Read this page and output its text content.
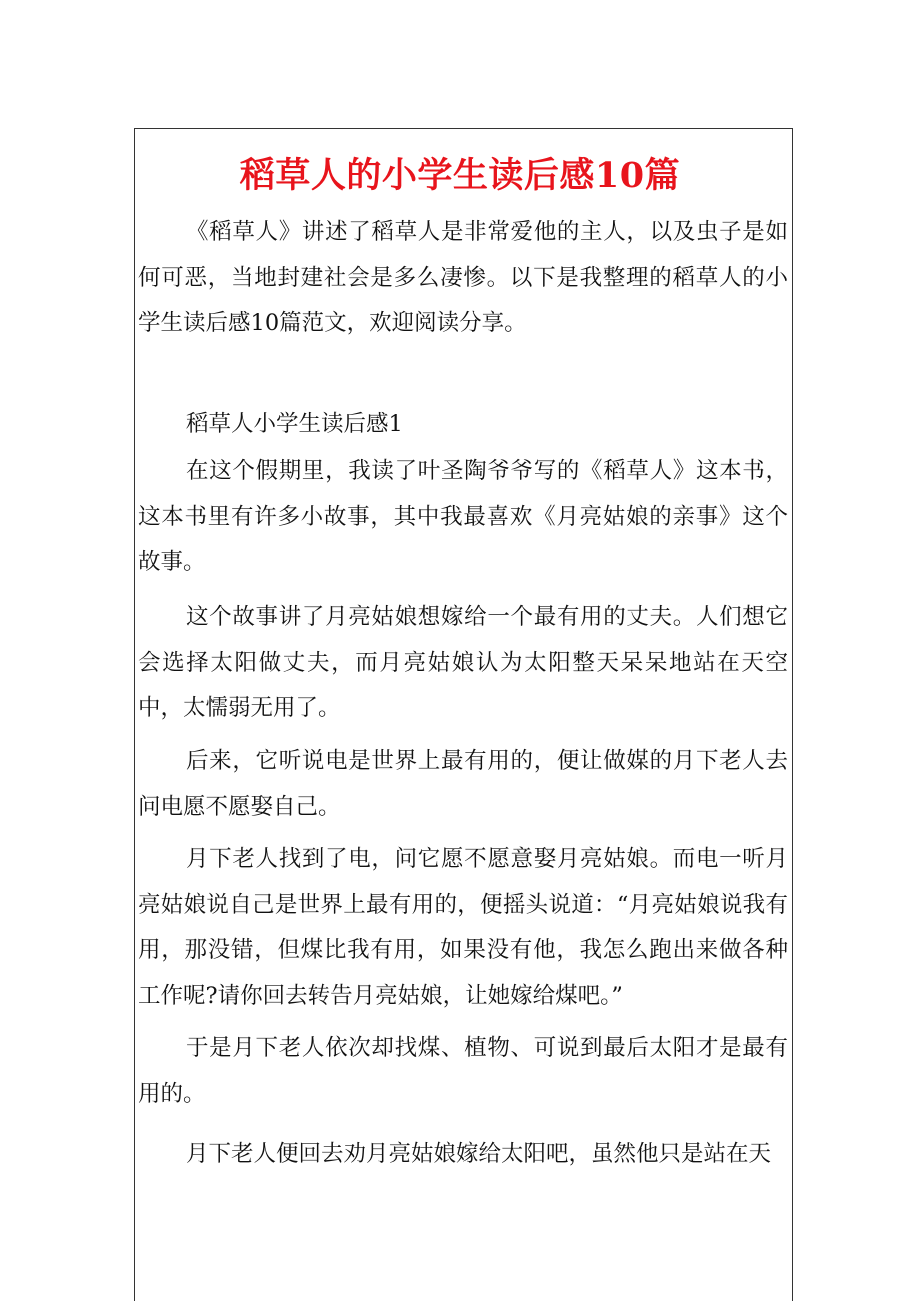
稻草人的小学生读后感10篇

《稻草人》讲述了稻草人是非常爱他的主人，以及虫子是如何可恶，当地封建社会是多么凄惨。以下是我整理的稻草人的小学生读后感10篇范文，欢迎阅读分享。

稻草人小学生读后感1

在这个假期里，我读了叶圣陶爷爷写的《稻草人》这本书，这本书里有许多小故事，其中我最喜欢《月亮姑娘的亲事》这个故事。

这个故事讲了月亮姑娘想嫁给一个最有用的丈夫。人们想它会选择太阳做丈夫，而月亮姑娘认为太阳整天呆呆地站在天空中，太懦弱无用了。

后来，它听说电是世界上最有用的，便让做媒的月下老人去问电愿不愿娶自己。

月下老人找到了电，问它愿不愿意娶月亮姑娘。而电一听月亮姑娘说自己是世界上最有用的，便摇头说道：“月亮姑娘说我有用，那没错，但煤比我有用，如果没有他，我怎么跑出来做各种工作呢?请你回去转告月亮姑娘，让她嫁给煤吧。”

于是月下老人依次却找煤、植物、可说到最后太阳才是最有用的。

月下老人便回去劝月亮姑娘嫁给太阳吧，虽然他只是站在天
